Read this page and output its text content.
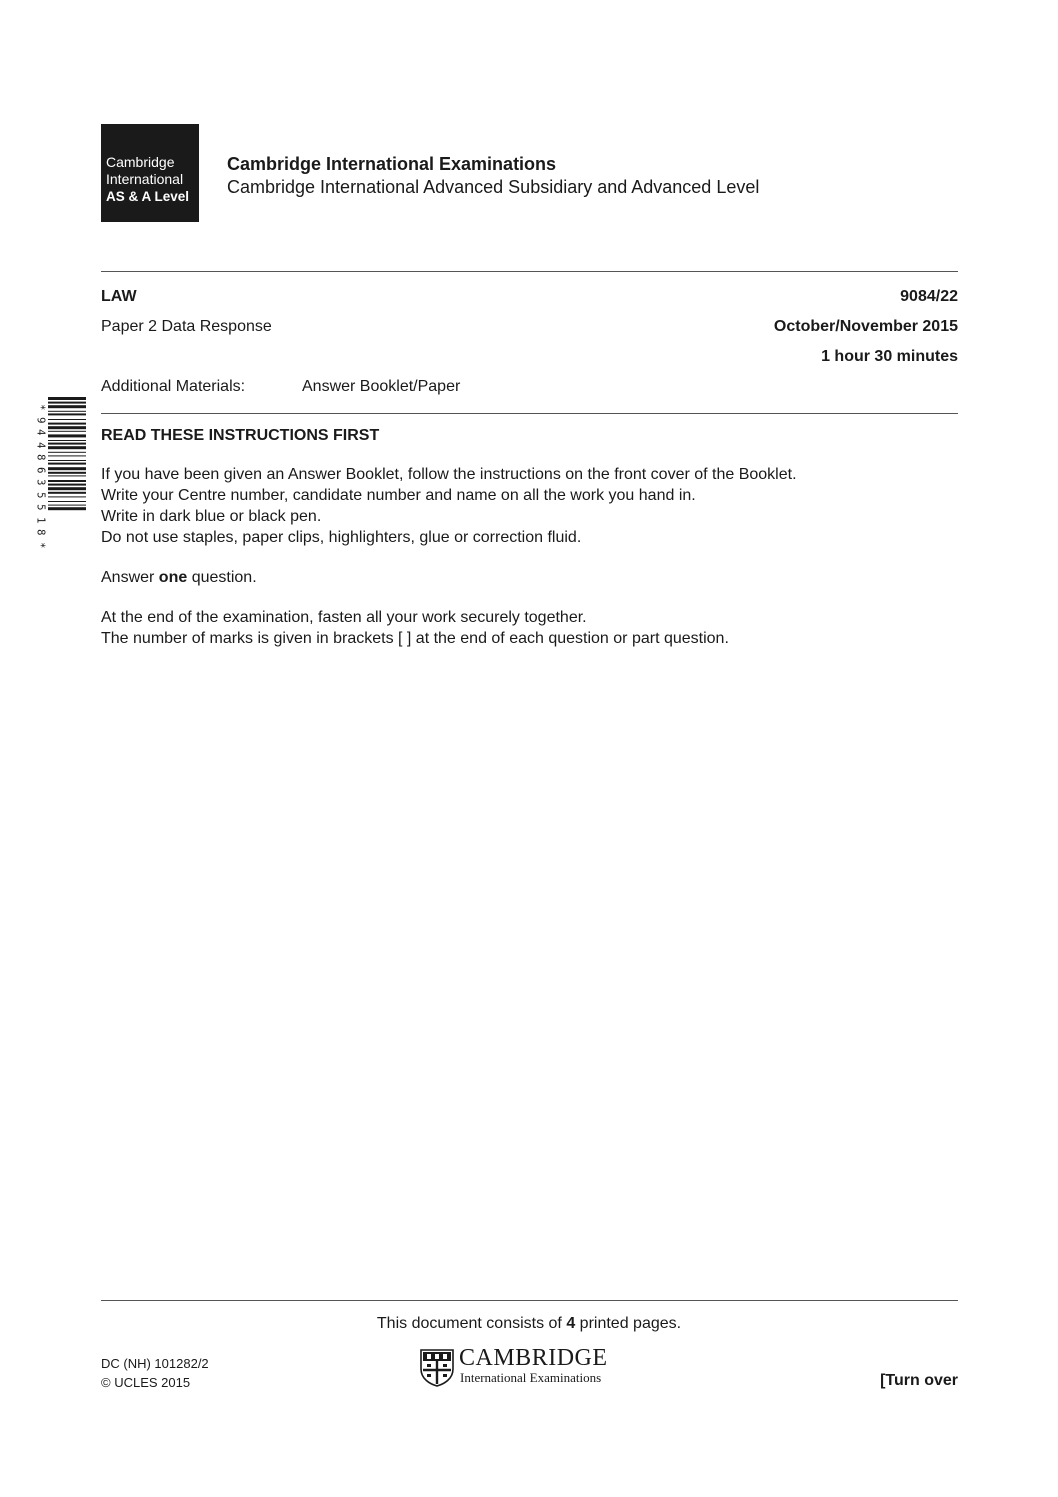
Cambridge
International
AS & A Level
Cambridge International Examinations
Cambridge International Advanced Subsidiary and Advanced Level
LAW	9084/22
Paper 2 Data Response	October/November 2015
1 hour 30 minutes
Additional Materials:	Answer Booklet/Paper
*
9
4
4
8
6
3
5
5
1
8
*
READ THESE INSTRUCTIONS FIRST

If you have been given an Answer Booklet, follow the instructions on the front cover of the Booklet.
Write your Centre number, candidate number and name on all the work you hand in.
Write in dark blue or black pen.
Do not use staples, paper clips, highlighters, glue or correction fluid.

Answer one question.

At the end of the examination, fasten all your work securely together.
The number of marks is given in brackets [ ] at the end of each question or part question.

This document consists of 4 printed pages.
DC (NH) 101282/2
© UCLES 2015
CAMBRIDGE
International Examinations	[Turn over
